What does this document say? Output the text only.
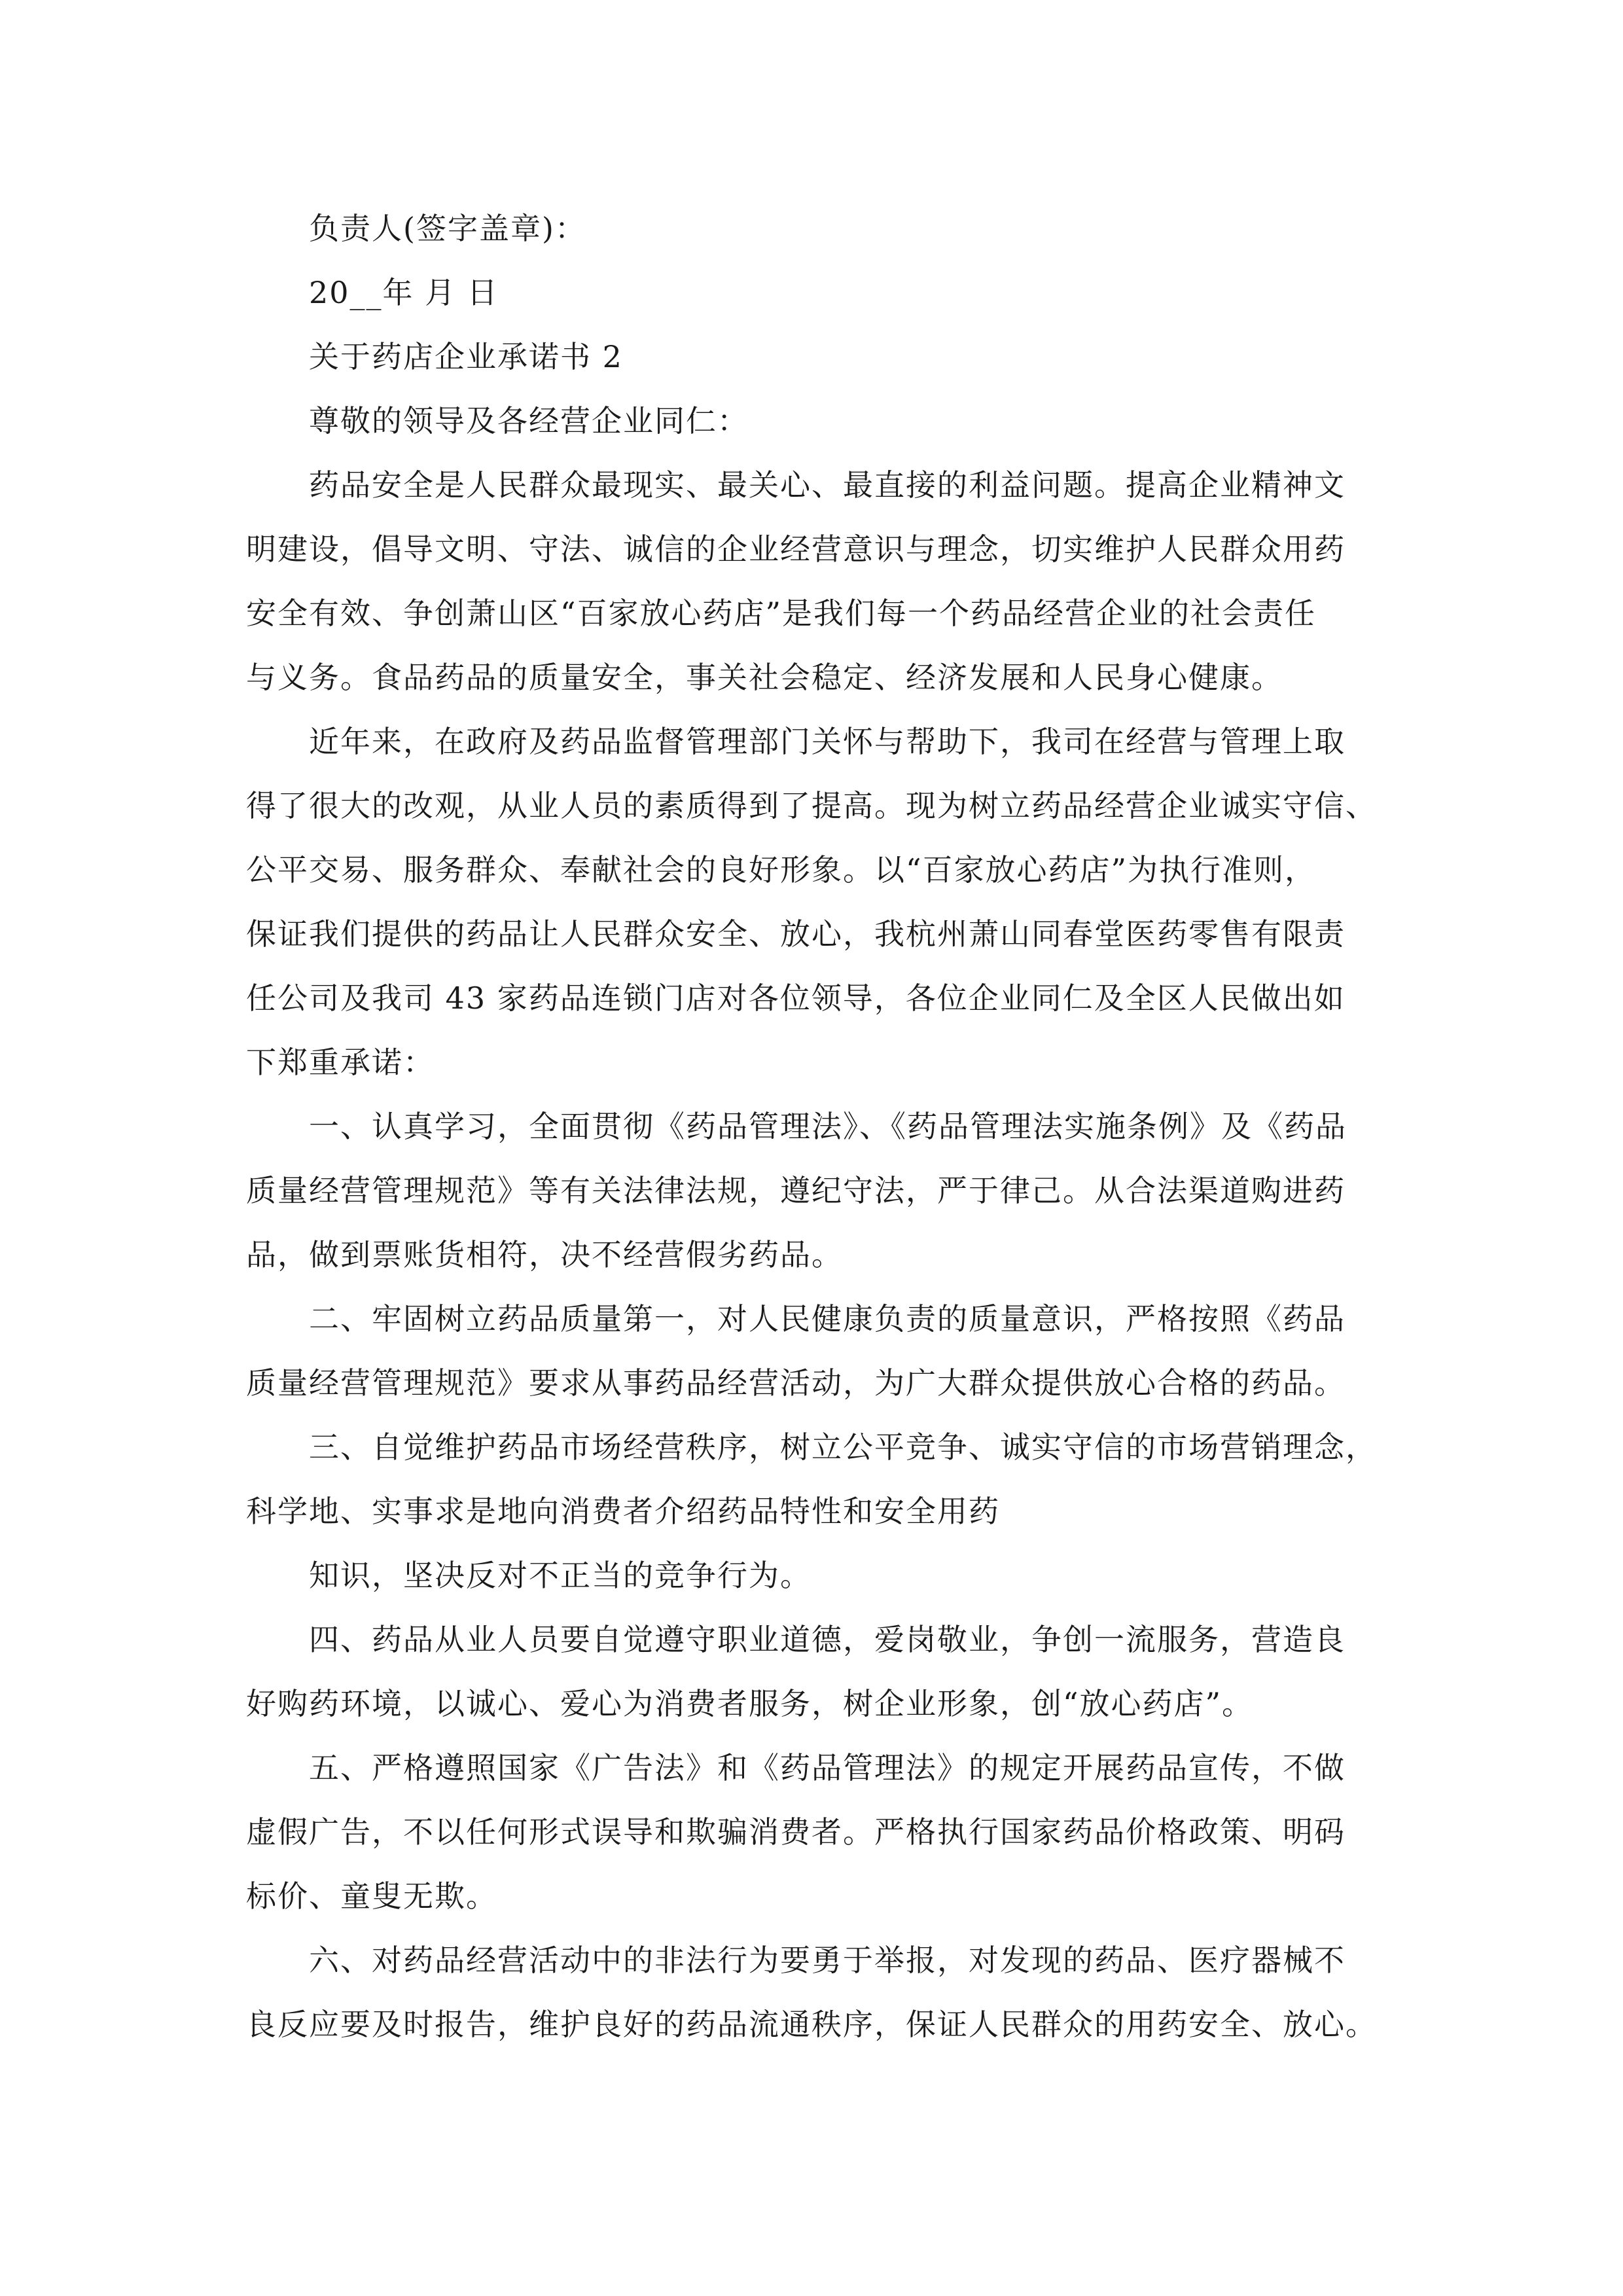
负责人(签字盖章)：
20__年 月 日
关于药店企业承诺书 2
尊敬的领导及各经营企业同仁：
药品安全是人民群众最现实、最关心、最直接的利益问题。提高企业精神文
明建设，倡导文明、守法、诚信的企业经营意识与理念，切实维护人民群众用药
安全有效、争创萧山区“百家放心药店”是我们每一个药品经营企业的社会责任
与义务。食品药品的质量安全，事关社会稳定、经济发展和人民身心健康。
近年来，在政府及药品监督管理部门关怀与帮助下，我司在经营与管理上取
得了很大的改观，从业人员的素质得到了提高。现为树立药品经营企业诚实守信、
公平交易、服务群众、奉献社会的良好形象。以“百家放心药店”为执行准则，
保证我们提供的药品让人民群众安全、放心，我杭州萧山同春堂医药零售有限责
任公司及我司 43 家药品连锁门店对各位领导，各位企业同仁及全区人民做出如
下郑重承诺：
一、认真学习，全面贯彻《药品管理法》、《药品管理法实施条例》及《药品
质量经营管理规范》等有关法律法规，遵纪守法，严于律己。从合法渠道购进药
品，做到票账货相符，决不经营假劣药品。
二、牢固树立药品质量第一，对人民健康负责的质量意识，严格按照《药品
质量经营管理规范》要求从事药品经营活动，为广大群众提供放心合格的药品。
三、自觉维护药品市场经营秩序，树立公平竞争、诚实守信的市场营销理念，
科学地、实事求是地向消费者介绍药品特性和安全用药
知识，坚决反对不正当的竞争行为。
四、药品从业人员要自觉遵守职业道德，爱岗敬业，争创一流服务，营造良
好购药环境，以诚心、爱心为消费者服务，树企业形象，创“放心药店”。
五、严格遵照国家《广告法》和《药品管理法》的规定开展药品宣传，不做
虚假广告，不以任何形式误导和欺骗消费者。严格执行国家药品价格政策、明码
标价、童叟无欺。
六、对药品经营活动中的非法行为要勇于举报，对发现的药品、医疗器械不
良反应要及时报告，维护良好的药品流通秩序，保证人民群众的用药安全、放心。
